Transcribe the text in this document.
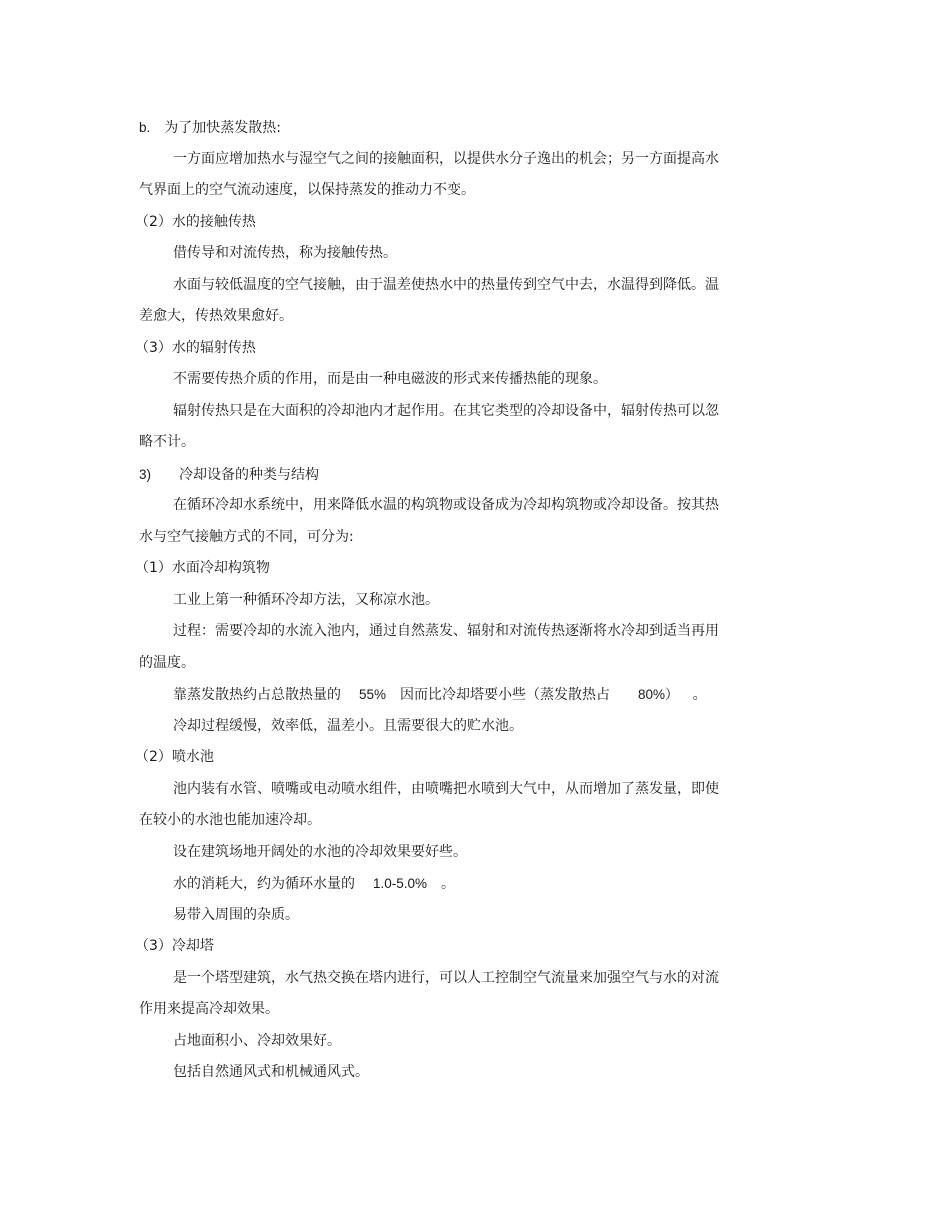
b. 为了加快蒸发散热:
一方面应增加热水与湿空气之间的接触面积，以提供水分子逸出的机会；另一方面提高水
气界面上的空气流动速度，以保持蒸发的推动力不变。
（2）水的接触传热
借传导和对流传热，称为接触传热。
水面与较低温度的空气接触，由于温差使热水中的热量传到空气中去，水温得到降低。温
差愈大，传热效果愈好。
（3）水的辐射传热
不需要传热介质的作用，而是由一种电磁波的形式来传播热能的现象。
辐射传热只是在大面积的冷却池内才起作用。在其它类型的冷却设备中，辐射传热可以忽
略不计。
3) 冷却设备的种类与结构
在循环冷却水系统中，用来降低水温的构筑物或设备成为冷却构筑物或冷却设备。按其热
水与空气接触方式的不同，可分为:
（1）水面冷却构筑物
工业上第一种循环冷却方法，又称凉水池。
过程：需要冷却的水流入池内，通过自然蒸发、辐射和对流传热逐渐将水冷却到适当再用
的温度。
靠蒸发散热约占总散热量的 55% 因而比冷却塔要小些（蒸发散热占 80%） 。
冷却过程缓慢，效率低，温差小。且需要很大的贮水池。
（2）喷水池
池内装有水管、喷嘴或电动喷水组件，由喷嘴把水喷到大气中，从而增加了蒸发量，即使
在较小的水池也能加速冷却。
设在建筑场地开阔处的水池的冷却效果要好些。
水的消耗大，约为循环水量的 1.0-5.0% 。
易带入周围的杂质。
（3）冷却塔
是一个塔型建筑，水气热交换在塔内进行，可以人工控制空气流量来加强空气与水的对流
作用来提高冷却效果。
占地面积小、冷却效果好。
包括自然通风式和机械通风式。
